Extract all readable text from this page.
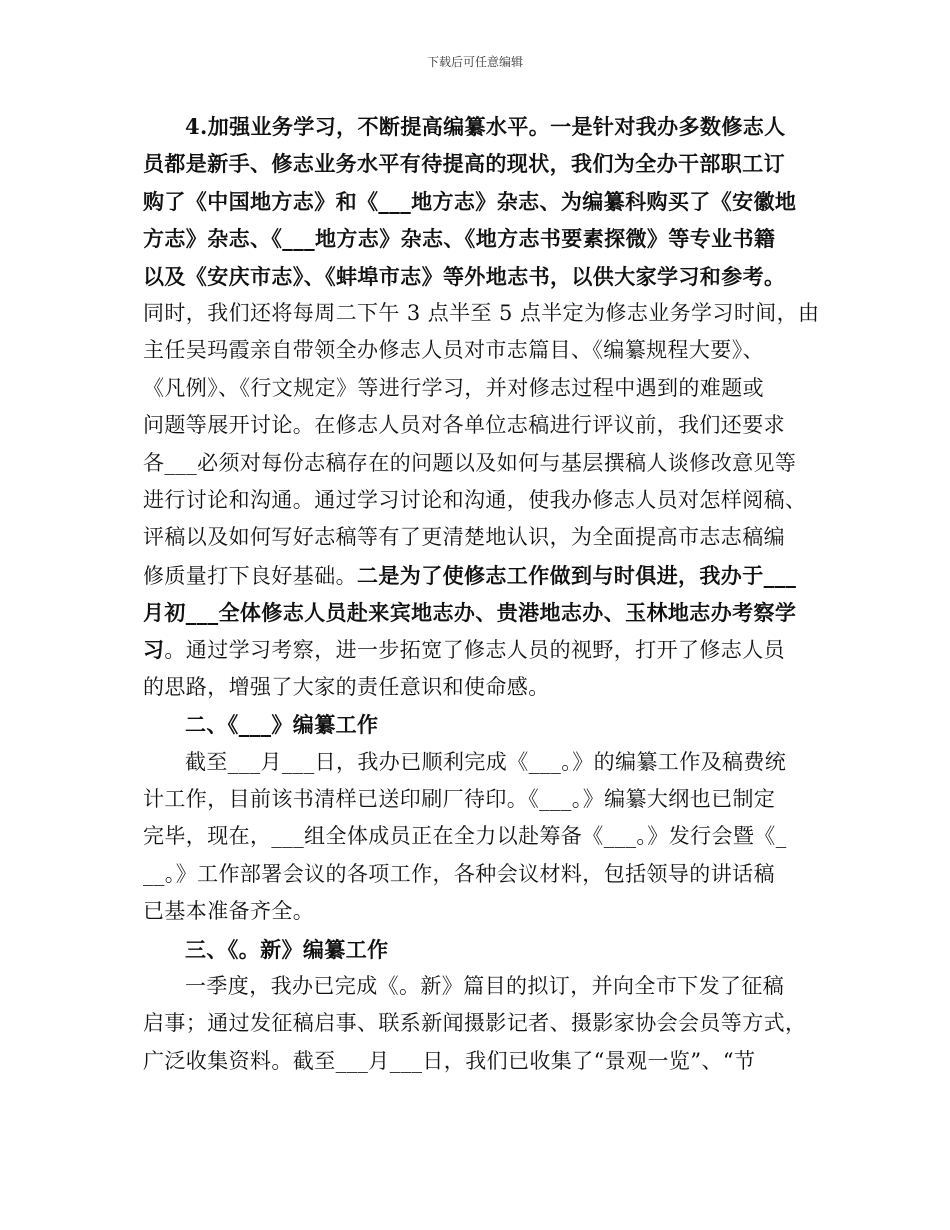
下载后可任意编辑
4.加强业务学习，不断提高编纂水平。一是针对我办多数修志人
员都是新手、修志业务水平有待提高的现状，我们为全办干部职工订
购了《中国地方志》和《___地方志》杂志、为编纂科购买了《安徽地
方志》杂志、《___地方志》杂志、《地方志书要素探微》等专业书籍
以及《安庆市志》、《蚌埠市志》等外地志书，以供大家学习和参考。
同时，我们还将每周二下午 3 点半至 5 点半定为修志业务学习时间，由
主任吴玛霞亲自带领全办修志人员对市志篇目、《编纂规程大要》、
《凡例》、《行文规定》等进行学习，并对修志过程中遇到的难题或
问题等展开讨论。在修志人员对各单位志稿进行评议前，我们还要求
各___必须对每份志稿存在的问题以及如何与基层撰稿人谈修改意见等
进行讨论和沟通。通过学习讨论和沟通，使我办修志人员对怎样阅稿、
评稿以及如何写好志稿等有了更清楚地认识，为全面提高市志志稿编
修质量打下良好基础。二是为了使修志工作做到与时俱进，我办于___
月初___全体修志人员赴来宾地志办、贵港地志办、玉林地志办考察学
习。通过学习考察，进一步拓宽了修志人员的视野，打开了修志人员
的思路，增强了大家的责任意识和使命感。
二、《___》编纂工作
截至___月___日，我办已顺利完成《___。》的编纂工作及稿费统
计工作，目前该书清样已送印刷厂待印。《___。》编纂大纲也已制定
完毕，现在，___组全体成员正在全力以赴筹备《___。》发行会暨《_
__。》工作部署会议的各项工作，各种会议材料，包括领导的讲话稿
已基本准备齐全。
三、《。新》编纂工作
一季度，我办已完成《。新》篇目的拟订，并向全市下发了征稿
启事；通过发征稿启事、联系新闻摄影记者、摄影家协会会员等方式，
广泛收集资料。截至___月___日，我们已收集了“景观一览”、“节
